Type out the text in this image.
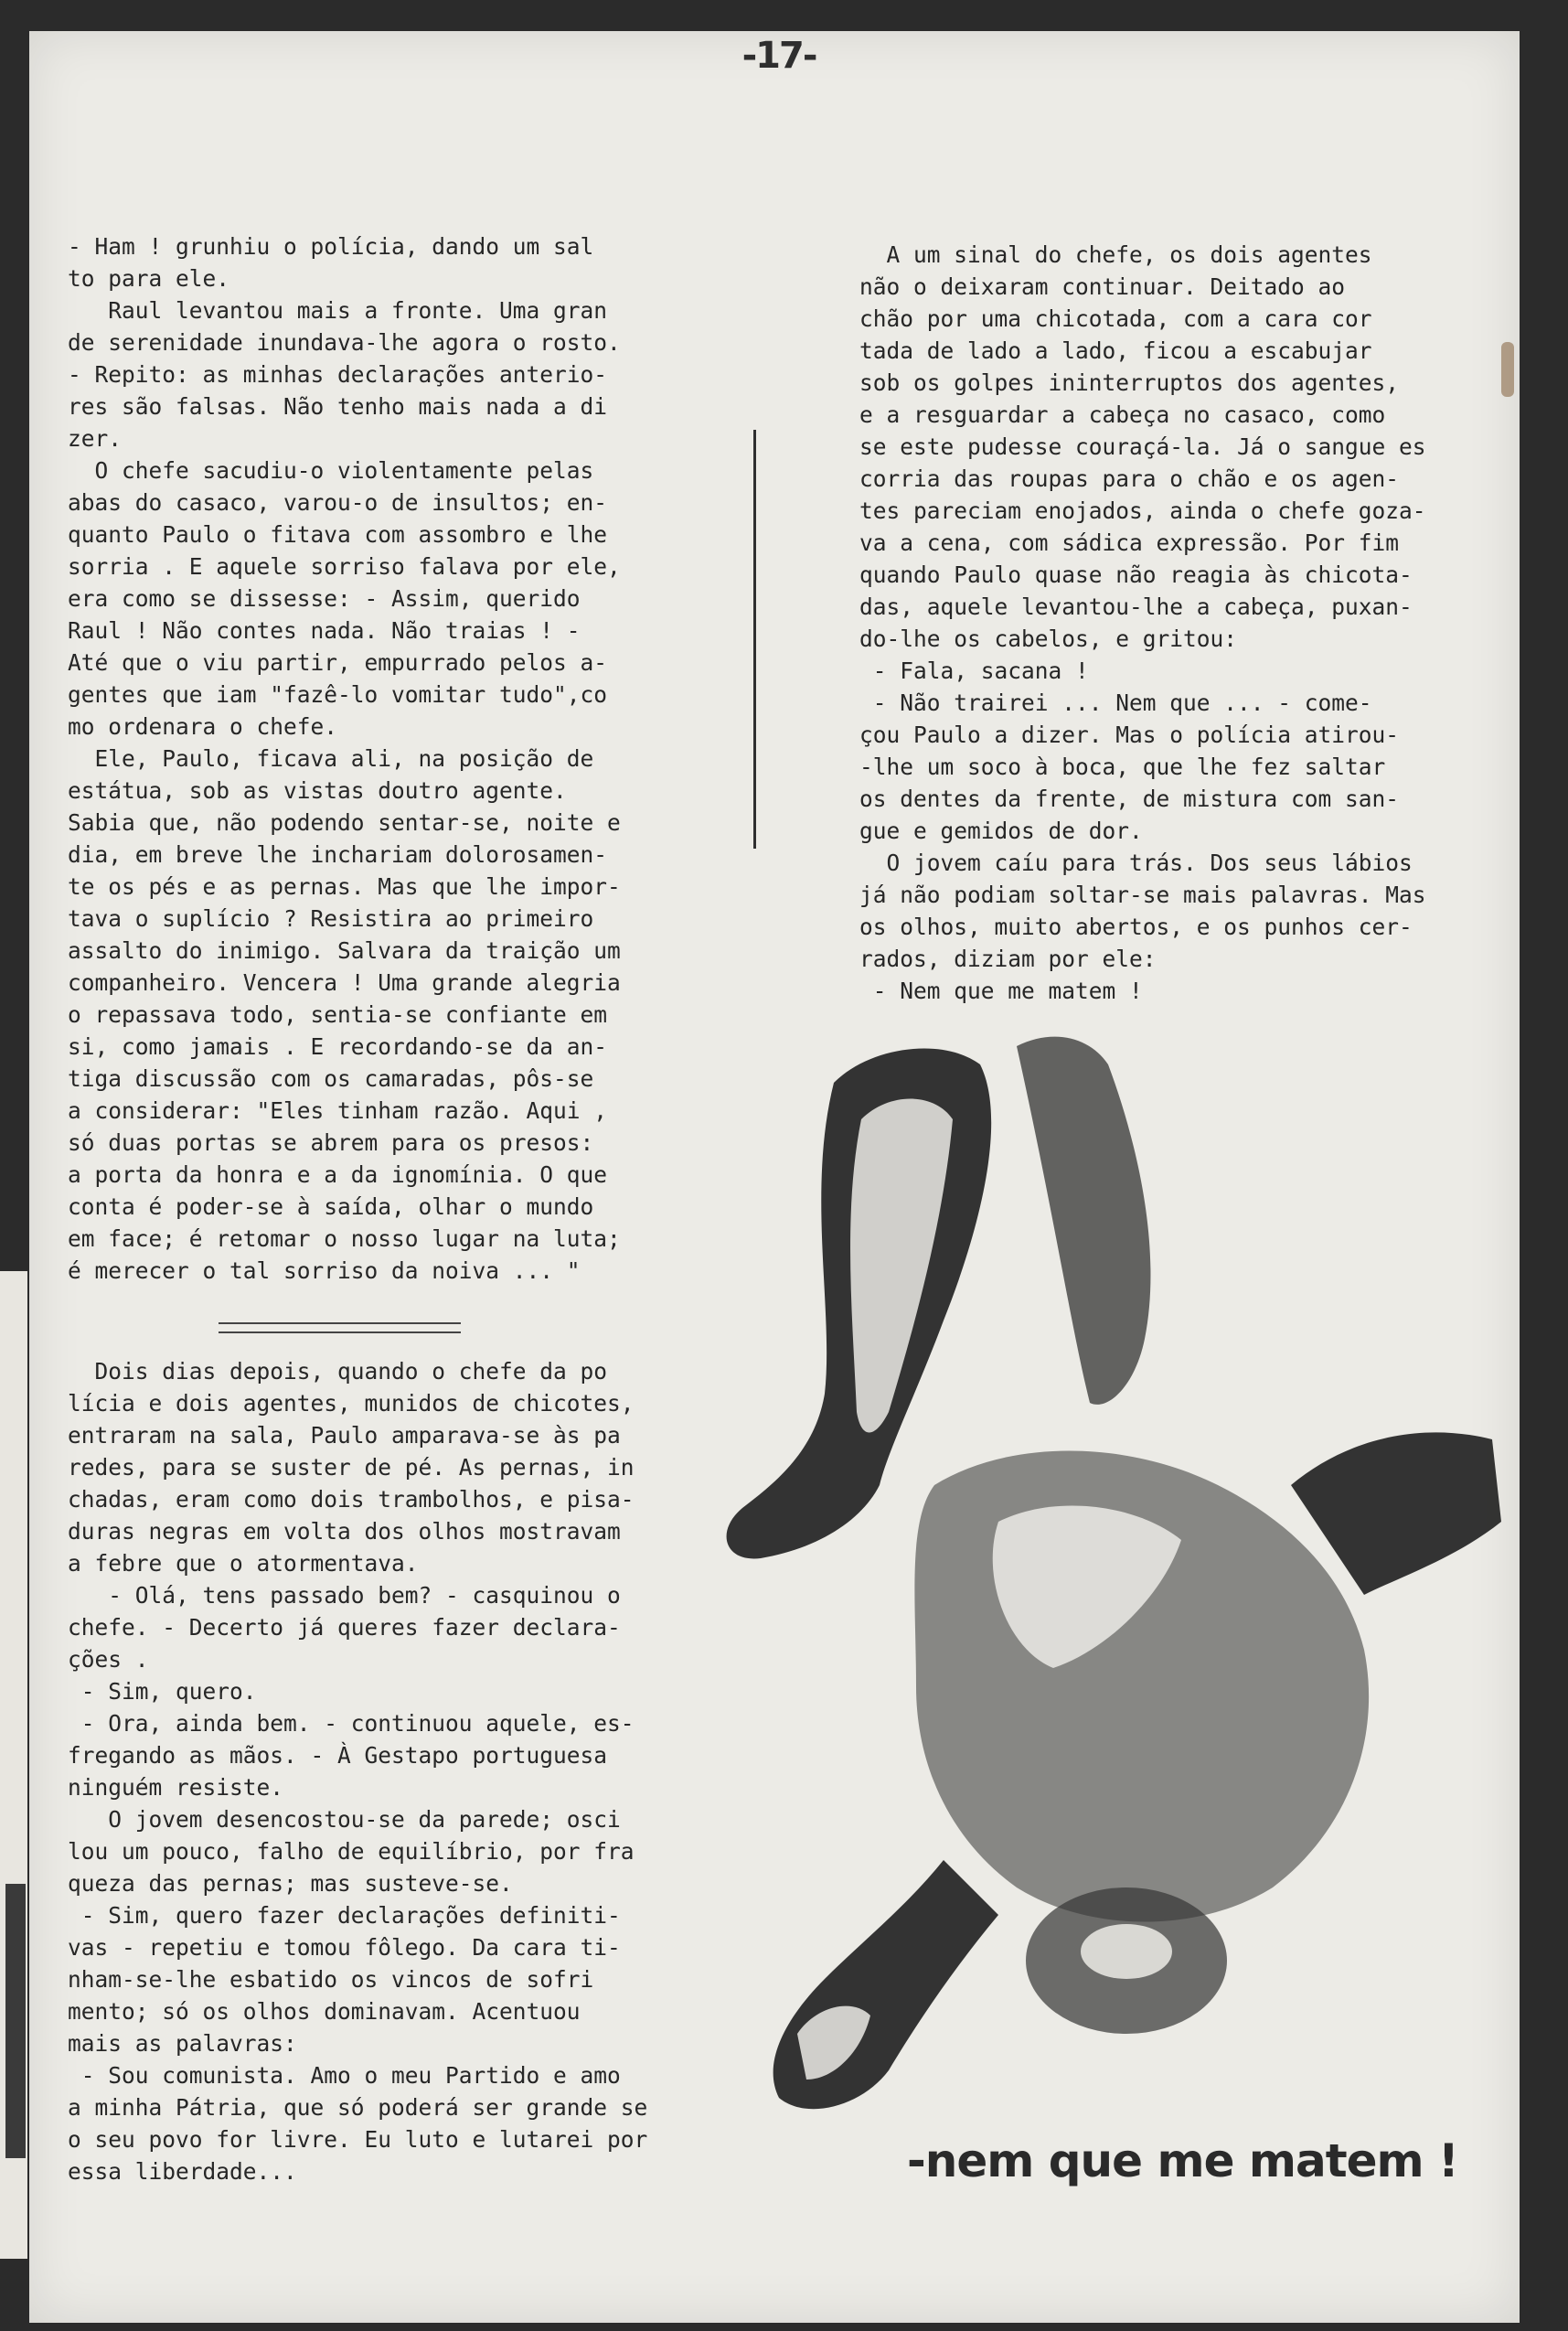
-17-
- Ham ! grunhiu o polícia, dando um sal
to para ele.
Raul levantou mais a fronte. Uma gran
de serenidade inundava-lhe agora o rosto.
- Repito: as minhas declarações anterio-
res são falsas. Não tenho mais nada a di
zer.
O chefe sacudiu-o violentamente pelas
abas do casaco, varou-o de insultos; en-
quanto Paulo o fitava com assombro e lhe
sorria . E aquele sorriso falava por ele,
era como se dissesse: - Assim, querido
Raul ! Não contes nada. Não traias ! -
Até que o viu partir, empurrado pelos a-
gentes que iam "fazê-lo vomitar tudo",co
mo ordenara o chefe.
Ele, Paulo, ficava ali, na posição de
estátua, sob as vistas doutro agente.
Sabia que, não podendo sentar-se, noite e
dia, em breve lhe inchariam dolorosamen-
te os pés e as pernas. Mas que lhe impor-
tava o suplício ? Resistira ao primeiro
assalto do inimigo. Salvara da traição um
companheiro. Vencera ! Uma grande alegria
o repassava todo, sentia-se confiante em
si, como jamais . E recordando-se da an-
tiga discussão com os camaradas, pôs-se
a considerar: "Eles tinham razão. Aqui ,
só duas portas se abrem para os presos:
a porta da honra e a da ignomínia. O que
conta é poder-se à saída, olhar o mundo
em face; é retomar o nosso lugar na luta;
é merecer o tal sorriso da noiva ... "
Dois dias depois, quando o chefe da po
lícia e dois agentes, munidos de chicotes,
entraram na sala, Paulo amparava-se às pa
redes, para se suster de pé. As pernas, in
chadas, eram como dois trambolhos, e pisa-
duras negras em volta dos olhos mostravam
a febre que o atormentava.
- Olá, tens passado bem? - casquinou o
chefe. - Decerto já queres fazer declara-
ções .
- Sim, quero.
- Ora, ainda bem. - continuou aquele, es-
fregando as mãos. - À Gestapo portuguesa
ninguém resiste.
O jovem desencostou-se da parede; osci
lou um pouco, falho de equilíbrio, por fra
queza das pernas; mas susteve-se.
- Sim, quero fazer declarações definiti-
vas - repetiu e tomou fôlego. Da cara ti-
nham-se-lhe esbatido os vincos de sofri
mento; só os olhos dominavam. Acentuou
mais as palavras:
- Sou comunista. Amo o meu Partido e amo
a minha Pátria, que só poderá ser grande se
o seu povo for livre. Eu luto e lutarei por
essa liberdade...
A um sinal do chefe, os dois agentes
não o deixaram continuar. Deitado ao
chão por uma chicotada, com a cara cor
tada de lado a lado, ficou a escabujar
sob os golpes ininterruptos dos agentes,
e a resguardar a cabeça no casaco, como
se este pudesse couraçá-la. Já o sangue es
corria das roupas para o chão e os agen-
tes pareciam enojados, ainda o chefe goza-
va a cena, com sádica expressão. Por fim
quando Paulo quase não reagia às chicota-
das, aquele levantou-lhe a cabeça, puxan-
do-lhe os cabelos, e gritou:
- Fala, sacana !
- Não trairei ... Nem que ... - come-
çou Paulo a dizer. Mas o polícia atirou-
-lhe um soco à boca, que lhe fez saltar
os dentes da frente, de mistura com san-
gue e gemidos de dor.
O jovem caíu para trás. Dos seus lábios
já não podiam soltar-se mais palavras. Mas
os olhos, muito abertos, e os punhos cer-
rados, diziam por ele:
- Nem que me matem !
-nem que me matem !
